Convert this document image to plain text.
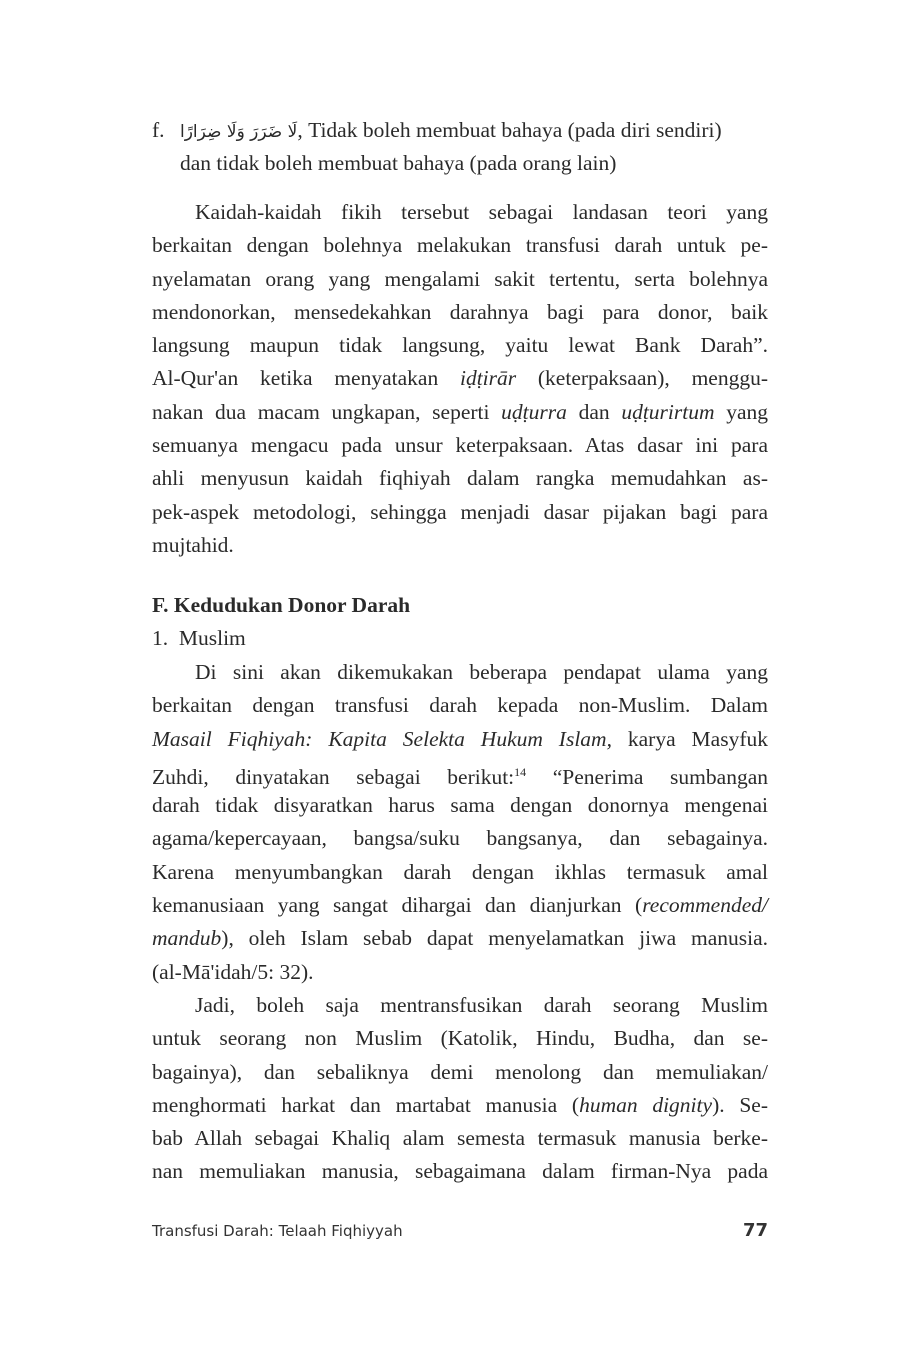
f. لَا ضَرَرَ وَلَا ضِرَارًا, Tidak boleh membuat bahaya (pada diri sendiri)
dan tidak boleh membuat bahaya (pada orang lain)
Kaidah-kaidah fikih tersebut sebagai landasan teori yang
berkaitan dengan bolehnya melakukan transfusi darah untuk pe-
nyelamatan orang yang mengalami sakit tertentu, serta bolehnya
mendonorkan, mensedekahkan darahnya bagi para donor, baik
langsung maupun tidak langsung, yaitu lewat Bank Darah”.
Al-Qur'an ketika menyatakan iḍṭirār (keterpaksaan), menggu-
nakan dua macam ungkapan, seperti uḍṭurra dan uḍṭurirtum yang
semuanya mengacu pada unsur keterpaksaan. Atas dasar ini para
ahli menyusun kaidah fiqhiyah dalam rangka memudahkan as-
pek-aspek metodologi, sehingga menjadi dasar pijakan bagi para
mujtahid.
F. Kedudukan Donor Darah
1.  Muslim
Di sini akan dikemukakan beberapa pendapat ulama yang
berkaitan dengan transfusi darah kepada non-Muslim. Dalam
Masail Fiqhiyah: Kapita Selekta Hukum Islam, karya Masyfuk
Zuhdi, dinyatakan sebagai berikut:$^{14}$ “Penerima sumbangan
darah tidak disyaratkan harus sama dengan donornya mengenai
agama/kepercayaan, bangsa/suku bangsanya, dan sebagainya.
Karena menyumbangkan darah dengan ikhlas termasuk amal
kemanusiaan yang sangat dihargai dan dianjurkan (recommended/
mandub), oleh Islam sebab dapat menyelamatkan jiwa manusia.
(al-Mā'idah/5: 32).
Jadi, boleh saja mentransfusikan darah seorang Muslim
untuk seorang non Muslim (Katolik, Hindu, Budha, dan se-
bagainya), dan sebaliknya demi menolong dan memuliakan/
menghormati harkat dan martabat manusia (human dignity). Se-
bab Allah sebagai Khaliq alam semesta termasuk manusia berke-
nan memuliakan manusia, sebagaimana dalam firman-Nya pada
Transfusi Darah: Telaah Fiqhiyyah	77
